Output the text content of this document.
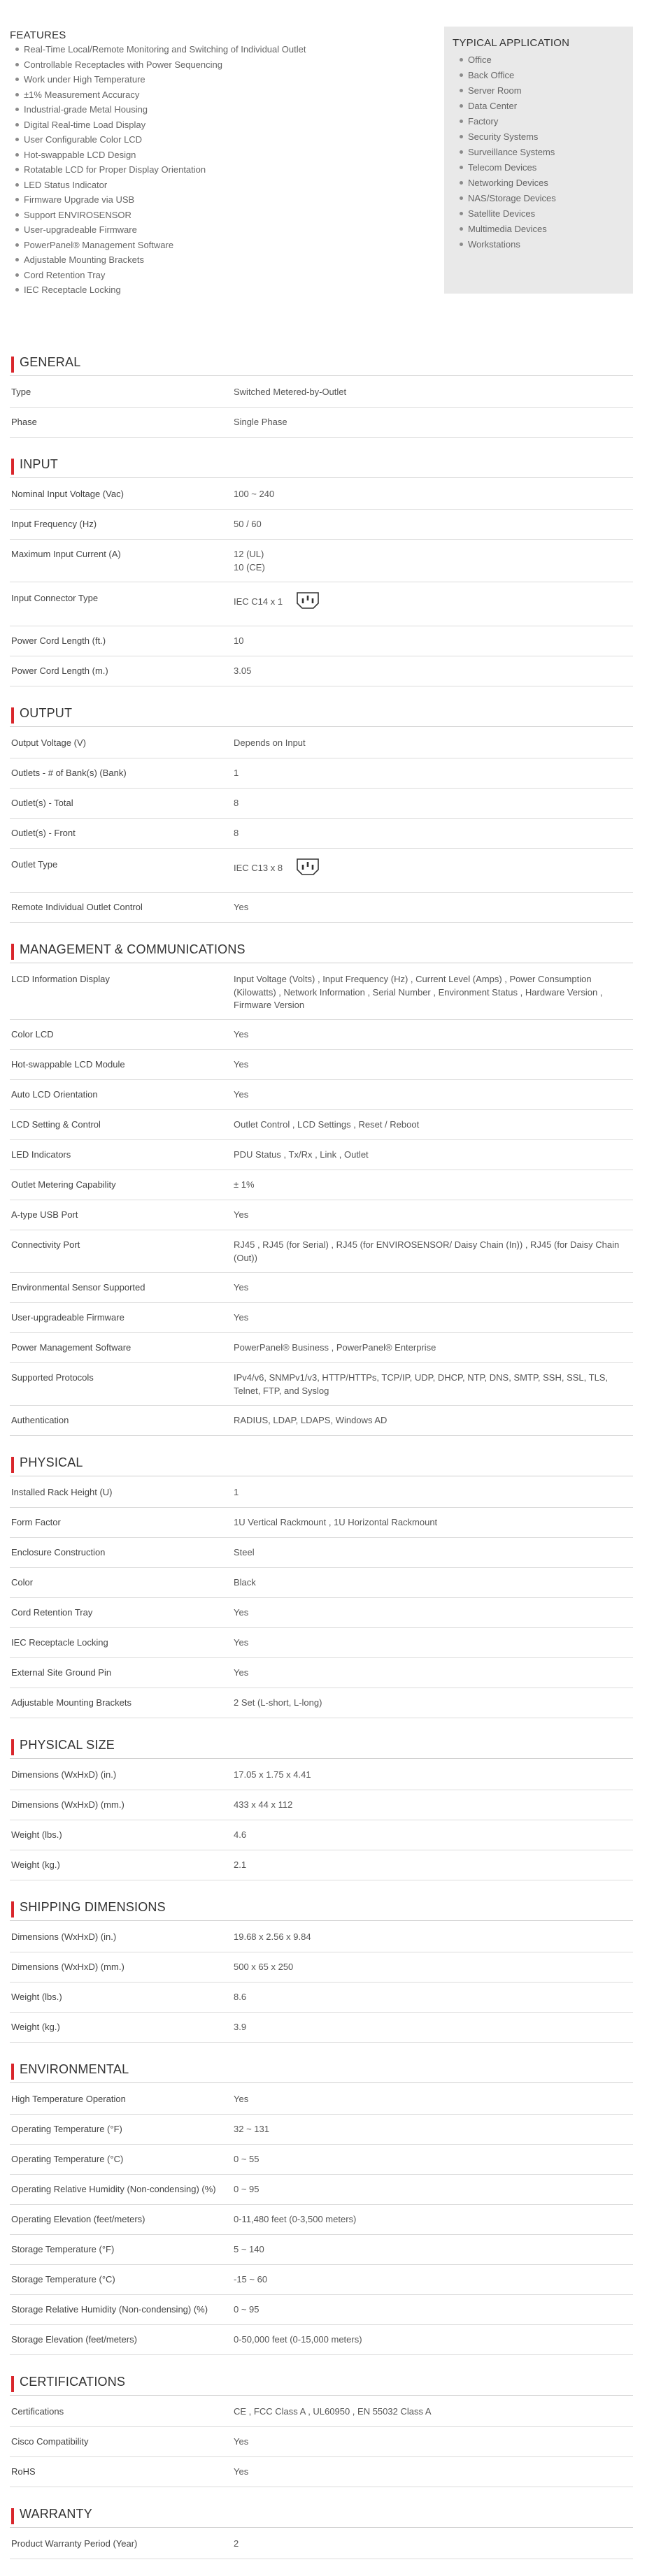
FEATURES
Real-Time Local/Remote Monitoring and Switching of Individual Outlet
Controllable Receptacles with Power Sequencing
Work under High Temperature
±1% Measurement Accuracy
Industrial-grade Metal Housing
Digital Real-time Load Display
User Configurable Color LCD
Hot-swappable LCD Design
Rotatable LCD for Proper Display Orientation
LED Status Indicator
Firmware Upgrade via USB
Support ENVIROSENSOR
User-upgradeable Firmware
PowerPanel® Management Software
Adjustable Mounting Brackets
Cord Retention Tray
IEC Receptacle Locking
TYPICAL APPLICATION
Office
Back Office
Server Room
Data Center
Factory
Security Systems
Surveillance Systems
Telecom Devices
Networking Devices
NAS/Storage Devices
Satellite Devices
Multimedia Devices
Workstations
GENERAL
Type	Switched Metered-by-Outlet
Phase	Single Phase
INPUT
Nominal Input Voltage (Vac)	100 ~ 240
Input Frequency (Hz)	50 / 60
Maximum Input Current (A)	12 (UL)
10 (CE)
Input Connector Type	IEC C14 x 1
Power Cord Length (ft.)	10
Power Cord Length (m.)	3.05
OUTPUT
Output Voltage (V)	Depends on Input
Outlets - # of Bank(s) (Bank)	1
Outlet(s) - Total	8
Outlet(s) - Front	8
Outlet Type	IEC C13 x 8
Remote Individual Outlet Control	Yes
MANAGEMENT & COMMUNICATIONS
LCD Information Display	Input Voltage (Volts) , Input Frequency (Hz) , Current Level (Amps) , Power Consumption (Kilowatts) , Network Information , Serial Number , Environment Status , Hardware Version , Firmware Version
Color LCD	Yes
Hot-swappable LCD Module	Yes
Auto LCD Orientation	Yes
LCD Setting & Control	Outlet Control , LCD Settings , Reset / Reboot
LED Indicators	PDU Status , Tx/Rx , Link , Outlet
Outlet Metering Capability	± 1%
A-type USB Port	Yes
Connectivity Port	RJ45 , RJ45 (for Serial) , RJ45 (for ENVIROSENSOR/ Daisy Chain (In)) , RJ45 (for Daisy Chain (Out))
Environmental Sensor Supported	Yes
User-upgradeable Firmware	Yes
Power Management Software	PowerPanel® Business , PowerPanel® Enterprise
Supported Protocols	IPv4/v6, SNMPv1/v3, HTTP/HTTPs, TCP/IP, UDP, DHCP, NTP, DNS, SMTP, SSH, SSL, TLS, Telnet, FTP, and Syslog
Authentication	RADIUS, LDAP, LDAPS, Windows AD
PHYSICAL
Installed Rack Height (U)	1
Form Factor	1U Vertical Rackmount , 1U Horizontal Rackmount
Enclosure Construction	Steel
Color	Black
Cord Retention Tray	Yes
IEC Receptacle Locking	Yes
External Site Ground Pin	Yes
Adjustable Mounting Brackets	2 Set (L-short, L-long)
PHYSICAL SIZE
Dimensions (WxHxD) (in.)	17.05 x 1.75 x 4.41
Dimensions (WxHxD) (mm.)	433 x 44 x 112
Weight (lbs.)	4.6
Weight (kg.)	2.1
SHIPPING DIMENSIONS
Dimensions (WxHxD) (in.)	19.68 x 2.56 x 9.84
Dimensions (WxHxD) (mm.)	500 x 65 x 250
Weight (lbs.)	8.6
Weight (kg.)	3.9
ENVIRONMENTAL
High Temperature Operation	Yes
Operating Temperature (°F)	32 ~ 131
Operating Temperature (°C)	0 ~ 55
Operating Relative Humidity (Non-condensing) (%)	0 ~ 95
Operating Elevation (feet/meters)	0-11,480 feet (0-3,500 meters)
Storage Temperature (°F)	5 ~ 140
Storage Temperature (°C)	-15 ~ 60
Storage Relative Humidity (Non-condensing) (%)	0 ~ 95
Storage Elevation (feet/meters)	0-50,000 feet (0-15,000 meters)
CERTIFICATIONS
Certifications	CE , FCC Class A , UL60950 , EN 55032 Class A
Cisco Compatibility	Yes
RoHS	Yes
WARRANTY
Product Warranty Period (Year)	2
